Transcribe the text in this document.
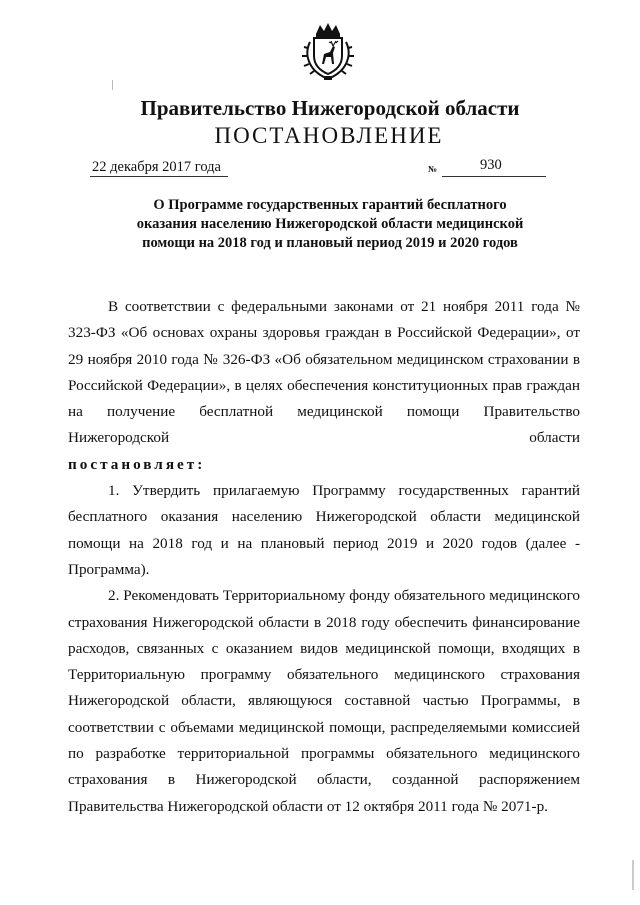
Правительство Нижегородской области
ПОСТАНОВЛЕНИЕ
22 декабря 2017 года	№	930
О Программе государственных гарантий бесплатного
оказания населению Нижегородской области медицинской
помощи на 2018 год и плановый период 2019 и 2020 годов

В соответствии с федеральными законами от 21 ноября 2011 года № 323-ФЗ «Об основах охраны здоровья граждан в Российской Федерации», от 29 ноября 2010 года № 326-ФЗ «Об обязательном медицинском страховании в Российской Федерации», в целях обеспечения конституционных прав граждан на получение бесплатной медицинской помощи Правительство Нижегородской области

постановляет:

1. Утвердить прилагаемую Программу государственных гарантий бесплатного оказания населению Нижегородской области медицинской помощи на 2018 год и на плановый период 2019 и 2020 годов (далее - Программа).

2. Рекомендовать Территориальному фонду обязательного медицинского страхования Нижегородской области в 2018 году обеспечить финансирование расходов, связанных с оказанием видов медицинской помощи, входящих в Территориальную программу обязательного медицинского страхования Нижегородской области, являющуюся составной частью Программы, в соответствии с объемами медицинской помощи, распределяемыми комиссией по разработке территориальной программы обязательного медицинского страхования в Нижегородской области, созданной распоряжением Правительства Нижегородской области от 12 октября 2011 года № 2071-р.
